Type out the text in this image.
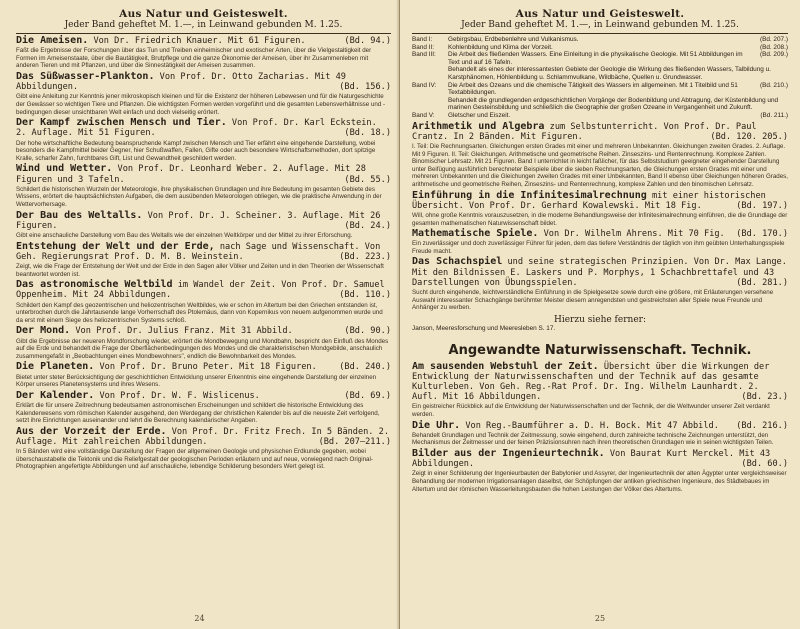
Aus Natur und Geisteswelt.
Jeder Band geheftet M. 1.—, in Leinwand gebunden M. 1.25.
Die Ameisen. Von Dr. Friedrich Knauer. Mit 61 Figuren.	(Bd. 94.)
Faßt die Ergebnisse der Forschungen über das Tun und Treiben einheimischer und exotischer Arten, über die Vielgestaltigkeit der Formen im Ameisenstaate, über die Bautätigkeit, Brutpflege und die ganze Ökonomie der Ameisen, über ihr Zusammenleben mit anderen Tieren und mit Pflanzen, und über die Sinnestätigkeit der Ameisen zusammen.
Das Süßwasser-Plankton. Von Prof. Dr. Otto Zacharias. Mit 49 Abbildungen.	(Bd. 156.)
Gibt eine Anleitung zur Kenntnis jener mikroskopisch kleinen und für die Existenz der höheren Lebewesen und für die Naturgeschichte der Gewässer so wichtigen Tiere und Pflanzen. Die wichtigsten Formen werden vorgeführt und die gesamten Lebensverhältnisse und -bedingungen dieser unsichtbaren Welt einfach und doch vielseitig erörtert.
Der Kampf zwischen Mensch und Tier. Von Prof. Dr. Karl Eckstein. 2. Auflage. Mit 51 Figuren.	(Bd. 18.)
Der hohe wirtschaftliche Bedeutung beanspruchende Kampf zwischen Mensch und Tier erfährt eine eingehende Darstellung, wobei besonders die Kampfmittel beider Gegner, hier Schußwaffen, Fallen, Gifte oder auch besondere Wirtschaftsmethoden, dort spitzige Kralle, scharfer Zahn, furchtbares Gift, List und Gewandtheit geschildert werden.
Wind und Wetter. Von Prof. Dr. Leonhard Weber. 2. Auflage. Mit 28 Figuren und 3 Tafeln.	(Bd. 55.)
Schildert die historischen Wurzeln der Meteorologie, ihre physikalischen Grundlagen und ihre Bedeutung im gesamten Gebiete des Wissens, erörtert die hauptsächlichsten Aufgaben, die dem ausübenden Meteorologen obliegen, wie die praktische Anwendung in der Wettervorhersage.
Der Bau des Weltalls. Von Prof. Dr. J. Scheiner. 3. Auflage. Mit 26 Figuren.	(Bd. 24.)
Gibt eine anschauliche Darstellung vom Bau des Weltalls wie der einzelnen Weltkörper und der Mittel zu ihrer Erforschung.
Entstehung der Welt und der Erde, nach Sage und Wissenschaft. Von Geh. Regierungsrat Prof. D. M. B. Weinstein.	(Bd. 223.)
Zeigt, wie die Frage der Entstehung der Welt und der Erde in den Sagen aller Völker und Zeiten und in den Theorien der Wissenschaft beantwortet worden ist.
Das astronomische Weltbild im Wandel der Zeit. Von Prof. Dr. Samuel Oppenheim. Mit 24 Abbildungen.	(Bd. 110.)
Schildert den Kampf des geozentrischen und heliozentrischen Weltbildes, wie er schon im Altertum bei den Griechen entstanden ist, unterbrochen durch die Jahrtausende lange Vorherrschaft des Ptolemäus, dann von Kopernikus von neuem aufgenommen wurde und da erst mit einem Siege des heliozentrischen Systems schloß.
Der Mond. Von Prof. Dr. Julius Franz. Mit 31 Abbild.	(Bd. 90.)
Gibt die Ergebnisse der neueren Mondforschung wieder, erörtert die Mondbewegung und Mondbahn, bespricht den Einfluß des Mondes auf die Erde und behandelt die Frage der Oberflächenbedingungen des Mondes und die charakteristischen Mondgebilde, anschaulich zusammengefaßt in „Beobachtungen eines Mondbewohners", endlich die Bewohnbarkeit des Mondes.
Die Planeten. Von Prof. Dr. Bruno Peter. Mit 18 Figuren.	(Bd. 240.)
Bietet unter steter Berücksichtigung der geschichtlichen Entwicklung unserer Erkenntnis eine eingehende Darstellung der einzelnen Körper unseres Planetensystems und ihres Wesens.
Der Kalender. Von Prof. Dr. W. F. Wislicenus.	(Bd. 69.)
Erklärt die für unsere Zeitrechnung bedeutsamen astronomischen Erscheinungen und schildert die historische Entwicklung des Kalenderwesens vom römischen Kalender ausgehend, den Werdegang der christlichen Kalender bis auf die neueste Zeit verfolgend, setzt ihre Einrichtungen auseinander und lehrt die Berechnung kalendarischer Angaben.
Aus der Vorzeit der Erde. Von Prof. Dr. Fritz Frech. In 5 Bänden. 2. Auflage. Mit zahlreichen Abbildungen.	(Bd. 207—211.)
In 5 Bänden wird eine vollständige Darstellung der Fragen der allgemeinen Geologie und physischen Erdkunde gegeben, wobei überschaustabelle die Tektonik und die Reliefgestalt der geologischen Perioden erläutern und auf neue, vorwiegend nach Original-Photographien angefertigte Abbildungen und auf anschauliche, lebendige Schilderung besonders Wert gelegt ist.
24
Aus Natur und Geisteswelt.
Jeder Band geheftet M. 1.—, in Leinwand gebunden M. 1.25.
Band I:	Gebirgsbau, Erdbebenlehre und Vulkanismus.	(Bd. 207.)
Band II:	Kohlenbildung und Klima der Vorzeit.	(Bd. 208.)
Band III:	Die Arbeit des fließenden Wassers. Eine Einleitung in die physikalische Geologie. Mit 51 Abbildungen im Text und auf 16 Tafeln.
(Bd. 209.)
Behandelt als eines der interessantesten Gebiete der Geologie die Wirkung des fließenden Wassers, Talbildung u. Karstphänomen, Höhlenbildung u. Schlammvulkane, Wildbäche, Quellen u. Grundwasser.
Band IV:	Die Arbeit des Ozeans und die chemische Tätigkeit des Wassers im allgemeinen. Mit 1 Titelbild und 51 Textabbildungen.
(Bd. 210.)
Behandelt die grundlegenden erdgeschichtlichen Vorgänge der Bodenbildung und Abtragung, der Küstenbildung und marinen Gesteinsbildung und schließlich die Geographie der großen Ozeane in Vergangenheit und Zukunft.
Band V:	Gletscher und Eiszeit.	(Bd. 211.)
Arithmetik und Algebra zum Selbstunterricht. Von Prof. Dr. Paul Crantz. In 2 Bänden. Mit Figuren.	(Bd. 120. 205.)
I. Teil: Die Rechnungsarten. Gleichungen ersten Grades mit einer und mehreren Unbekannten. Gleichungen zweiten Grades. 2. Auflage. Mit 9 Figuren. II. Teil: Gleichungen. Arithmetische und geometrische Reihen. Zinseszins- und Rentenrechnung. Komplexe Zahlen. Binomischer Lehrsatz. Mit 21 Figuren. Band I unterrichtet in leicht faßlicher, für das Selbststudium geeigneter eingehender Darstellung unter Beifügung ausführlich berechneter Beispiele über die sieben Rechnungsarten, die Gleichungen ersten Grades mit einer und mehreren Unbekannten und die Gleichungen zweiten Grades mit einer Unbekannten, Band II ebenso über Gleichungen höheren Grades, arithmetische und geometrische Reihen, Zinseszins- und Rentenrechnung, komplexe Zahlen und den binomischen Lehrsatz.
Einführung in die Infinitesimalrechnung mit einer historischen Übersicht. Von Prof. Dr. Gerhard Kowalewski. Mit 18 Fig.	(Bd. 197.)
Will, ohne große Kenntnis vorauszusetzen, in die moderne Behandlungsweise der Infinitesimalrechnung einführen, die die Grundlage der gesamten mathematischen Naturwissenschaft bildet.
Mathematische Spiele. Von Dr. Wilhelm Ahrens. Mit 70 Fig. (Bd. 170.)
Ein zuverlässiger und doch zuverlässiger Führer für jeden, dem das tiefere Verständnis der täglich von ihm geübten Unterhaltungsspiele Freude macht.
Das Schachspiel und seine strategischen Prinzipien. Von Dr. Max Lange. Mit den Bildnissen E. Laskers und P. Morphys, 1 Schachbrettafel und 43 Darstellungen von Übungsspielen.	(Bd. 281.)
Sucht durch eingehende, leichtverständliche Einführung in die Spielgesetze sowie durch eine größere, mit Erläuterungen versehene Auswahl interessanter Schachgänge berühmter Meister diesem anregendsten und geistreichsten aller Spiele neue Freunde und Anhänger zu werben.
Hierzu siehe ferner:
Janson, Meeresforschung und Meeresleben S. 17.
Angewandte Naturwissenschaft. Technik.
Am sausenden Webstuhl der Zeit. Übersicht über die Wirkungen der Entwicklung der Naturwissenschaften und der Technik auf das gesamte Kulturleben. Von Geh. Reg.-Rat Prof. Dr. Ing. Wilhelm Launhardt. 2. Aufl. Mit 16 Abbildungen.	(Bd. 23.)
Ein geistreicher Rückblick auf die Entwicklung der Naturwissenschaften und der Technik, der die Weltwunder unserer Zeit verdankt werden.
Die Uhr. Von Reg.-Baumführer a. D. H. Bock. Mit 47 Abbild. (Bd. 216.)
Behandelt Grundlagen und Technik der Zeitmessung, sowie eingehend, durch zahlreiche technische Zeichnungen unterstützt, den Mechanismus der Zeitmesser und der feinen Präzisionsuhren nach ihren theoretischen Grundlagen wie in seinen wichtigsten Teilen.
Bilder aus der Ingenieurtechnik. Von Baurat Kurt Merckel. Mit 43 Abbildungen.	(Bd. 60.)
Zeigt in einer Schilderung der Ingenieurbauten der Babylonier und Assyrer, der Ingenieurtechnik der alten Ägypter unter vergleichsweiser Behandlung der modernen Irrigationsanlagen daselbst, der Schöpfungen der antiken griechischen Ingenieure, des Städtebaues im Altertum und der römischen Wasserleitungsbauten die hohen Leistungen der Völker des Altertums.
25
